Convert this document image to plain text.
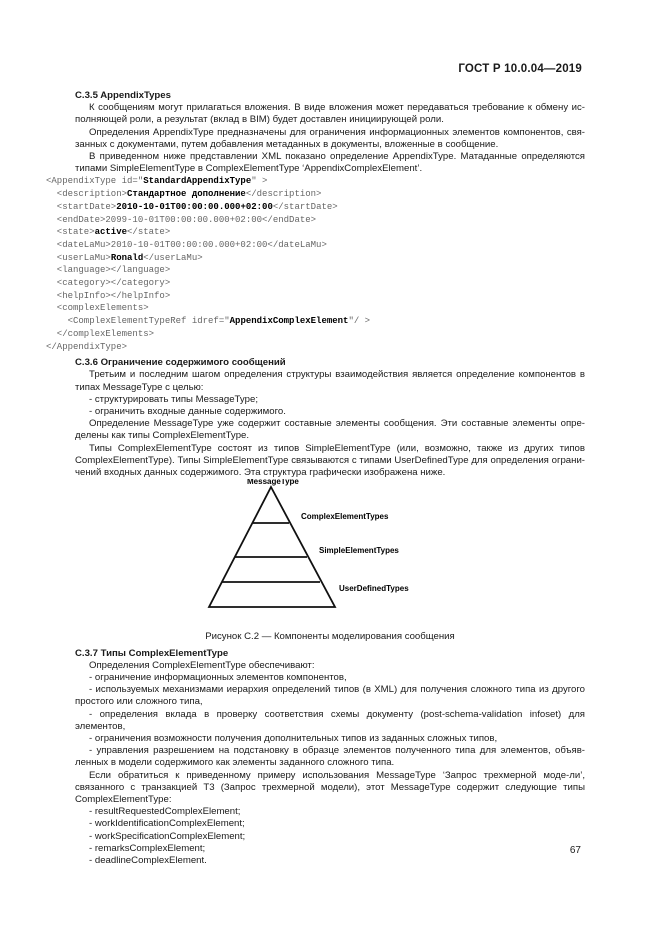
ГОСТ Р 10.0.04—2019

C.3.5 AppendixTypes

К сообщениям могут прилагаться вложения. В виде вложения может передаваться требование к обмену ис-полняющей роли, а результат (вклад в BIM) будет доставлен инициирующей роли.

Определения AppendixType предназначены для ограничения информационных элементов компонентов, свя-занных с документами, путем добавления метаданных в документы, вложенные в сообщение.

В приведенном ниже представлении XML показано определение AppendixType. Матаданные определяются типами SimpleElementType в ComplexElementType ‘AppendixComplexElement’.

<AppendixType id="StandardAppendixType" >
<description>Стандартное дополнение</description>
<startDate>2010-10-01T00:00:00.000+02:00</startDate>
<endDate>2099-10-01T00:00:00.000+02:00</endDate>
<state>active</state>
<dateLaMu>2010-10-01T00:00:00.000+02:00</dateLaMu>
<userLaMu>Ronald</userLaMu>
<language></language>
<category></category>
<helpInfo></helpInfo>
<complexElements>
<ComplexElementTypeRef idref="AppendixComplexElement"/ >
</complexElements>
</AppendixType>

C.3.6 Ограничение содержимого сообщений

Третьим и последним шагом определения структуры взаимодействия является определение компонентов в типах MessageType с целью:

- структурировать типы MessageType;

- ограничить входные данные содержимого.

Определение MessageType уже содержит составные элементы сообщения. Эти составные элементы опре-делены как типы ComplexElementType.

Типы ComplexElementType состоят из типов SimpleElementType (или, возможно, также из других типов ComplexElementType). Типы SimpleElementType связываются с типами UserDefinedType для определения ограни-чений входных данных содержимого. Эта структура графически изображена ниже.

MessageType
ComplexElementTypes
SimpleElementTypes
UserDefinedTypes

Рисунок С.2 — Компоненты моделирования сообщения

C.3.7 Типы ComplexElementType

Определения ComplexElementType обеспечивают:

- ограничение информационных элементов компонентов,

- используемых механизмами иерархия определений типов (в XML) для получения сложного типа из другого простого или сложного типа,

- определения вклада в проверку соответствия схемы документу (post-schema-validation infoset) для элементов,

- ограничения возможности получения дополнительных типов из заданных сложных типов,

- управления разрешением на подстановку в образце элементов полученного типа для элементов, объяв-ленных в модели содержимого как элементы заданного сложного типа.

Если обратиться к приведенному примеру использования MessageType ‘Запрос трехмерной моде-ли’, связанного с транзакцией Т3 (Запрос трехмерной модели), этот MessageType содержит следующие типы ComplexElementType:

- resultRequestedComplexElement;

- workIdentificationComplexElement;

- workSpecificationComplexElement;

- remarksComplexElement;

- deadlineComplexElement.

67
